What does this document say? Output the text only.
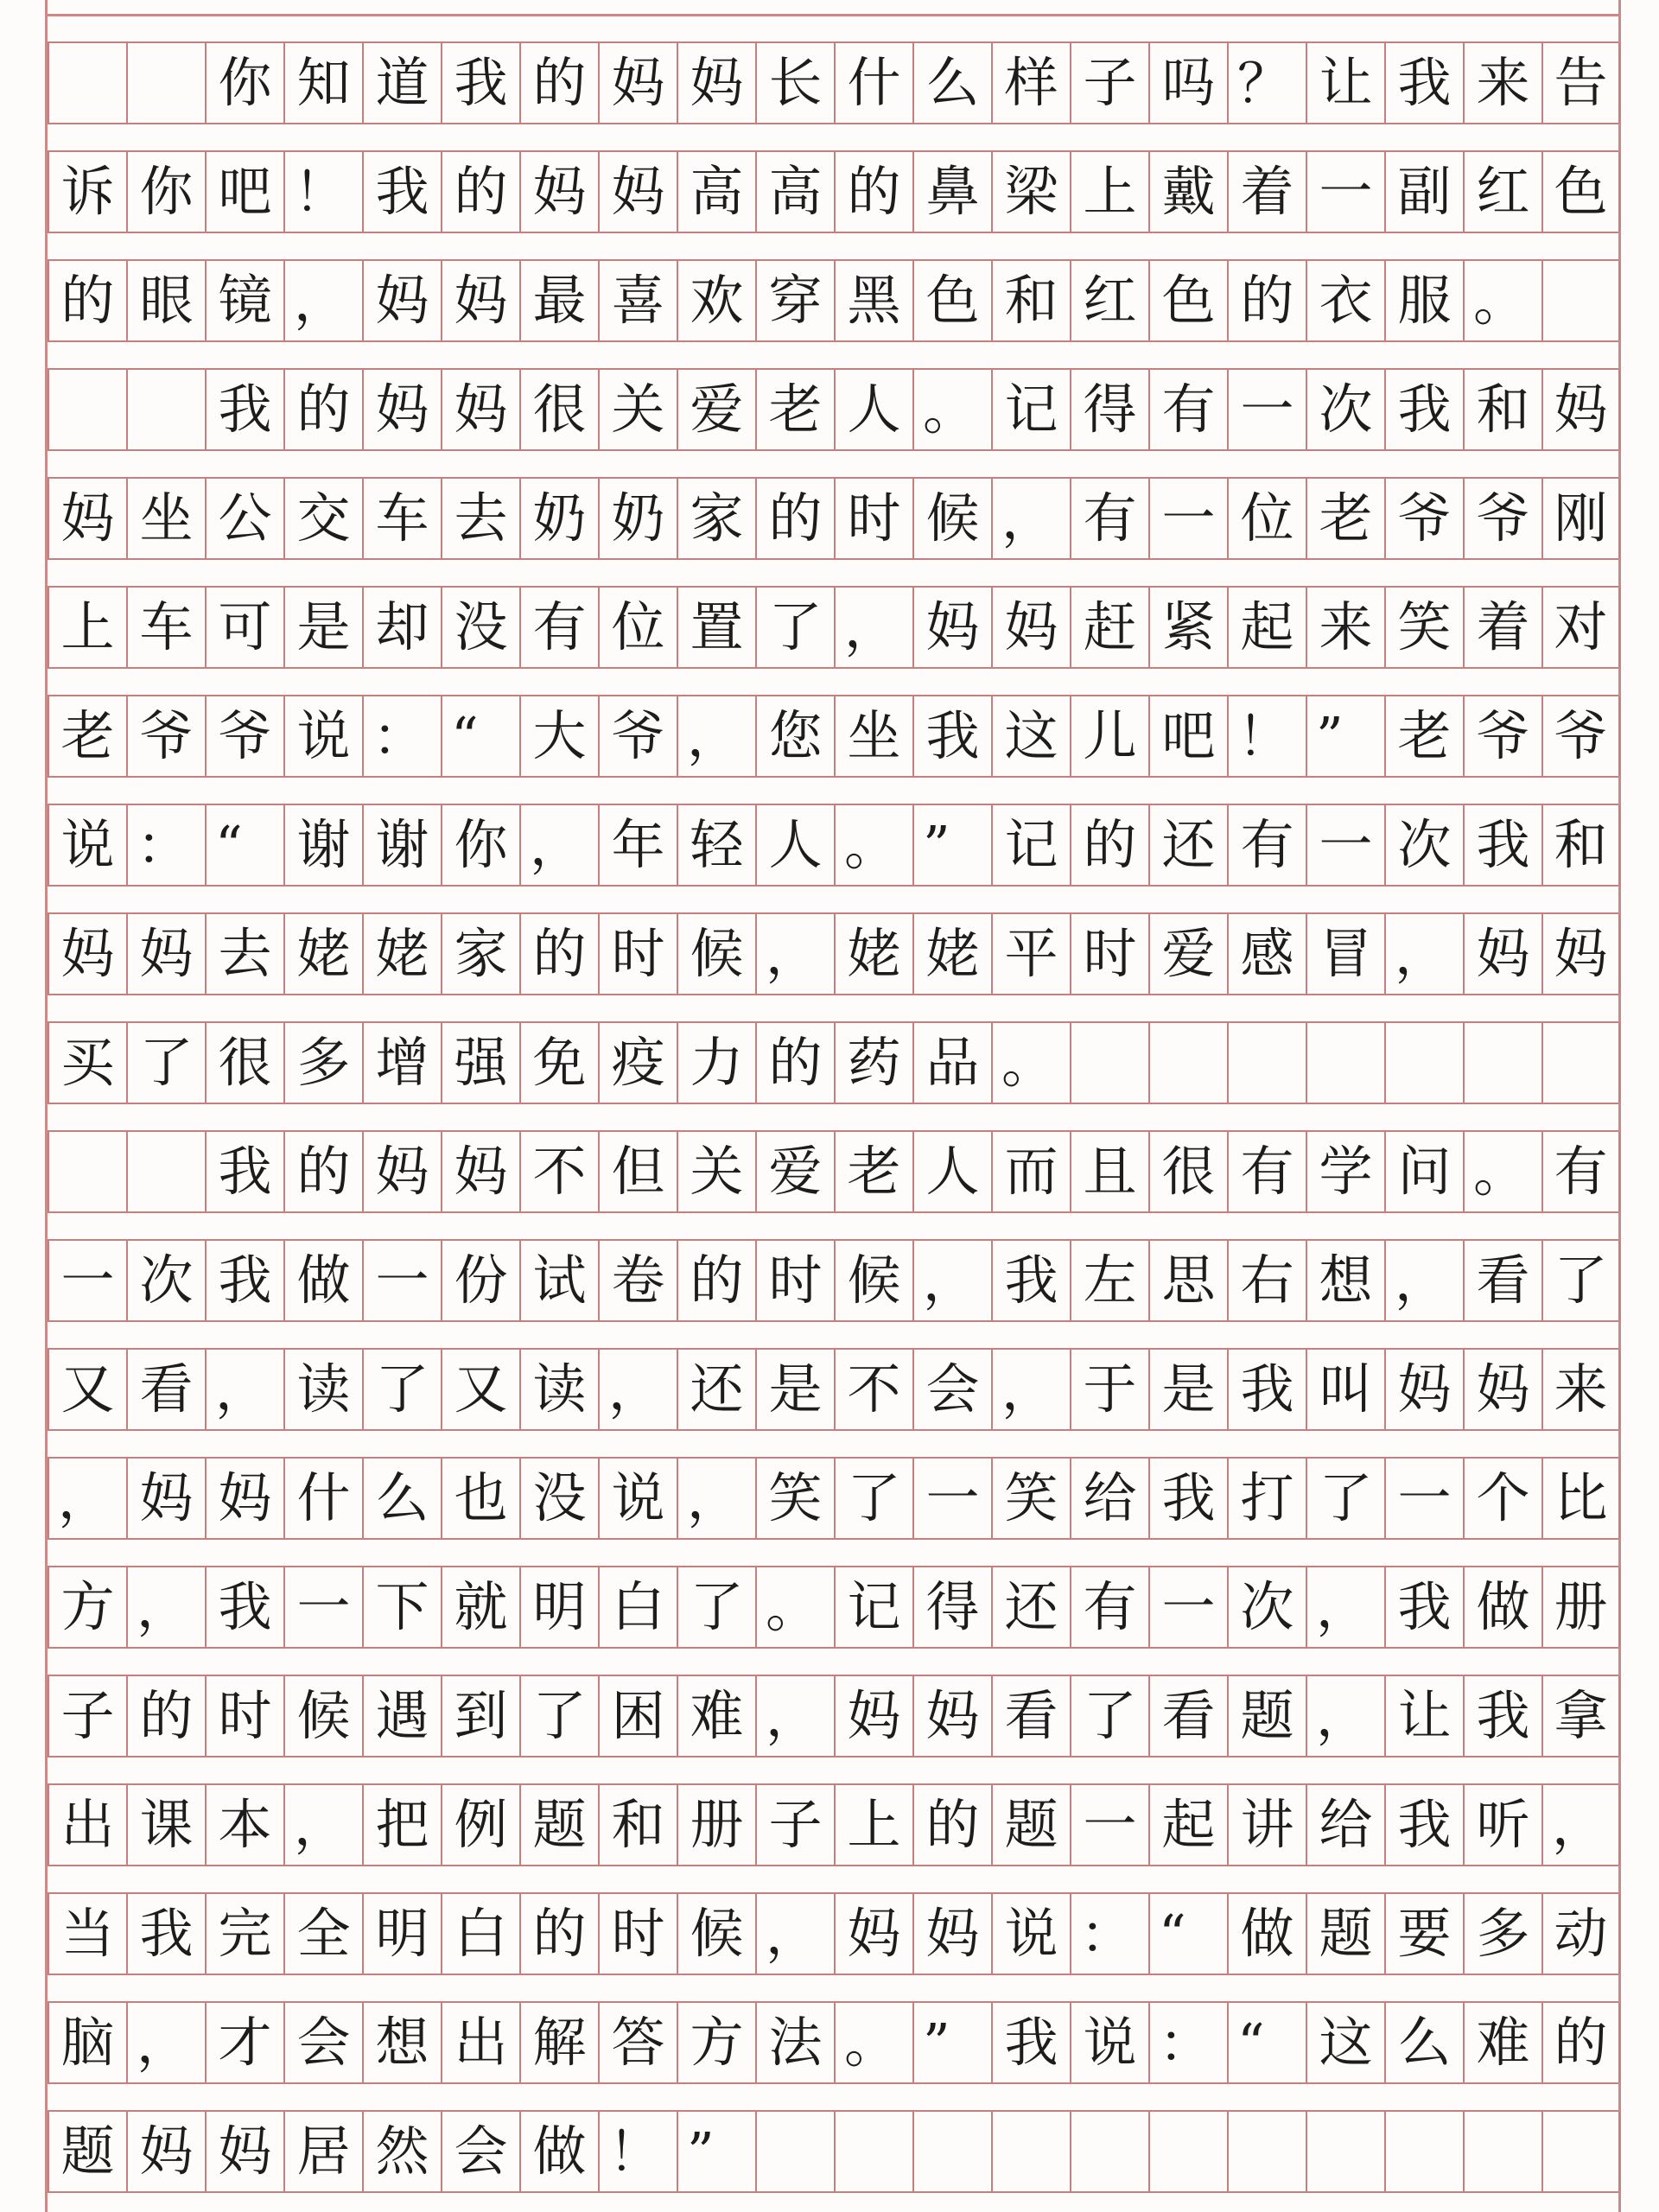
你 知 道 我 的 妈 妈 长 什 么 样 子 吗 ？ 让 我 来 告
诉 你 吧 ！ 我 的 妈 妈 高 高 的 鼻 梁 上 戴 着 一 副 红 色
的 眼 镜 ， 妈 妈 最 喜 欢 穿 黑 色 和 红 色 的 衣 服 。
我 的 妈 妈 很 关 爱 老 人 。 记 得 有 一 次 我 和 妈
妈 坐 公 交 车 去 奶 奶 家 的 时 候 ， 有 一 位 老 爷 爷 刚
上 车 可 是 却 没 有 位 置 了 ， 妈 妈 赶 紧 起 来 笑 着 对
老 爷 爷 说 ： “	大 爷 ， 您 坐 我 这 儿 吧 ！ ”	老 爷 爷
说 ： “	谢 谢 你 ， 年 轻 人 。 ”	记 的 还 有 一 次 我 和
妈 妈 去 姥 姥 家 的 时 候 ， 姥 姥 平 时 爱 感 冒 ， 妈 妈
买 了 很 多 增 强 免 疫 力 的 药 品 。
我 的 妈 妈 不 但 关 爱 老 人 而 且 很 有 学 问 。 有
一 次 我 做 一 份 试 卷 的 时 候 ， 我 左 思 右 想 ， 看 了
又 看 ， 读 了 又 读 ， 还 是 不 会 ， 于 是 我 叫 妈 妈 来
， 妈 妈 什 么 也 没 说 ， 笑 了 一 笑 给 我 打 了 一 个 比
方 ， 我 一 下 就 明 白 了 。 记 得 还 有 一 次 ， 我 做 册
子 的 时 候 遇 到 了 困 难 ， 妈 妈 看 了 看 题 ， 让 我 拿
出 课 本 ， 把 例 题 和 册 子 上 的 题 一 起 讲 给 我 听 ，
当 我 完 全 明 白 的 时 候 ， 妈 妈 说 ： “	做 题 要 多 动
脑 ， 才 会 想 出 解 答 方 法 。 ”	我 说 ： “	这 么 难 的
题 妈 妈 居 然 会 做 ！ ”
